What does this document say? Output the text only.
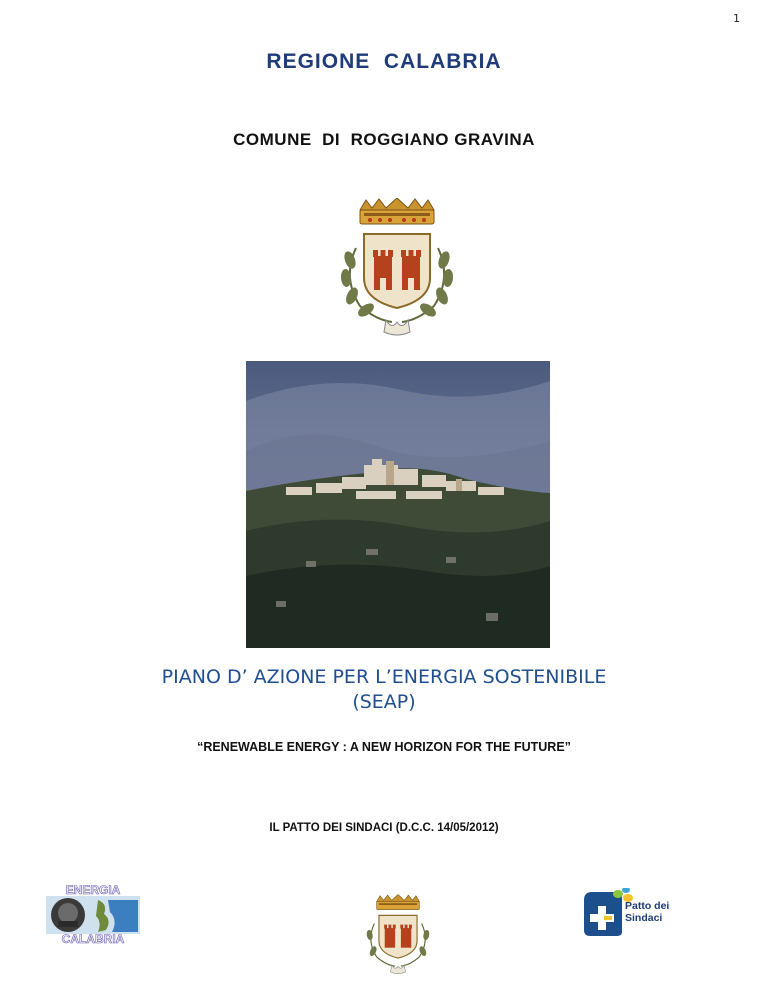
1
REGIONE  CALABRIA
COMUNE  DI  ROGGIANO GRAVINA
PIANO D’ AZIONE PER L’ENERGIA SOSTENIBILE
(SEAP)
“RENEWABLE ENERGY : A NEW HORIZON FOR THE FUTURE”
IL PATTO DEI SINDACI (D.C.C. 14/05/2012)
ENERGIA
CALABRIA
Patto dei
Sindaci
